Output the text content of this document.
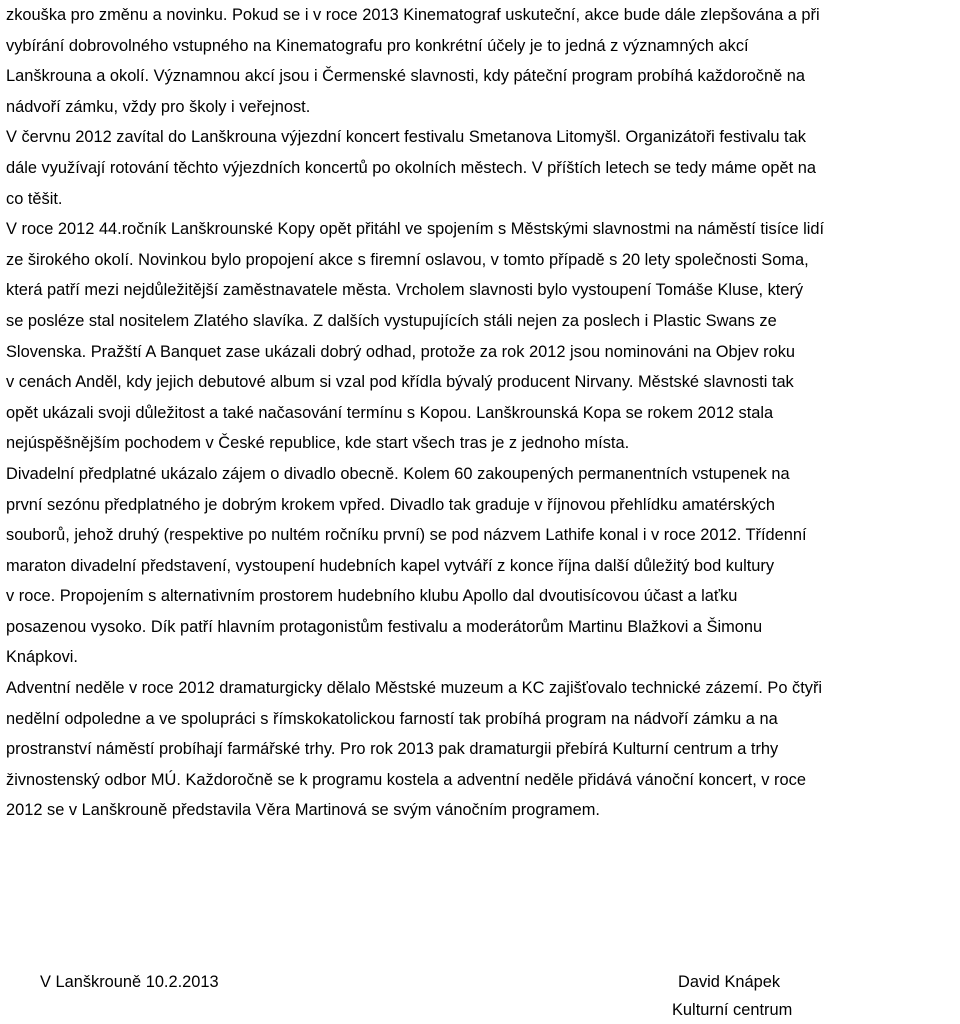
zkouška pro změnu a novinku. Pokud se i v roce 2013 Kinematograf uskuteční, akce bude dále zlepšována a při
vybírání dobrovolného vstupného na Kinematografu pro konkrétní účely je to jedná z významných akcí
Lanškrouna a okolí. Významnou akcí jsou i Čermenské slavnosti, kdy páteční program probíhá každoročně na
nádvoří zámku, vždy pro školy i veřejnost.
V červnu 2012 zavítal do Lanškrouna výjezdní koncert festivalu Smetanova Litomyšl. Organizátoři festivalu tak
dále využívají rotování těchto výjezdních koncertů po okolních městech. V příštích letech se tedy máme opět na
co těšit.
V roce 2012 44.ročník Lanškrounské Kopy opět přitáhl ve spojením s Městskými slavnostmi na náměstí tisíce lidí
ze širokého okolí. Novinkou bylo propojení akce s firemní oslavou, v tomto případě s 20 lety společnosti Soma,
která patří mezi nejdůležitější zaměstnavatele města. Vrcholem slavnosti bylo vystoupení Tomáše Kluse, který
se posléze stal nositelem Zlatého slavíka. Z dalších vystupujících stáli nejen za poslech i Plastic Swans ze
Slovenska. Pražští A Banquet zase ukázali dobrý odhad, protože za rok 2012 jsou nominováni na Objev roku
v cenách Anděl, kdy jejich debutové album si vzal pod křídla bývalý producent Nirvany. Městské slavnosti tak
opět ukázali svoji důležitost a také načasování termínu s Kopou. Lanškrounská Kopa se rokem 2012 stala
nejúspěšnějším pochodem v České republice, kde start všech tras je z jednoho místa.
Divadelní předplatné ukázalo zájem o divadlo obecně. Kolem 60 zakoupených permanentních vstupenek na
první sezónu předplatného je dobrým krokem vpřed. Divadlo tak graduje v říjnovou přehlídku amatérských
souborů, jehož druhý (respektive po nultém ročníku první) se pod názvem Lathife konal i v roce 2012. Třídenní
maraton divadelní představení, vystoupení hudebních kapel vytváří z konce října další důležitý bod kultury
v roce. Propojením s alternativním prostorem hudebního klubu Apollo dal dvoutisícovou účast a laťku
posazenou vysoko. Dík patří hlavním protagonistům festivalu a moderátorům Martinu Blažkovi a Šimonu
Knápkovi.
Adventní neděle v roce 2012 dramaturgicky dělalo Městské muzeum a KC zajišťovalo technické zázemí. Po čtyři
nedělní odpoledne a ve spolupráci s římskokatolickou farností tak probíhá program na nádvoří zámku a na
prostranství náměstí probíhají farmářské trhy. Pro rok 2013 pak dramaturgii přebírá Kulturní centrum a trhy
živnostenský odbor MÚ. Každoročně se k programu kostela a adventní neděle přidává vánoční koncert, v roce
2012 se v Lanškrouně představila Věra Martinová se svým vánočním programem.
V Lanškrouně 10.2.2013	David Knápek
Kulturní centrum
